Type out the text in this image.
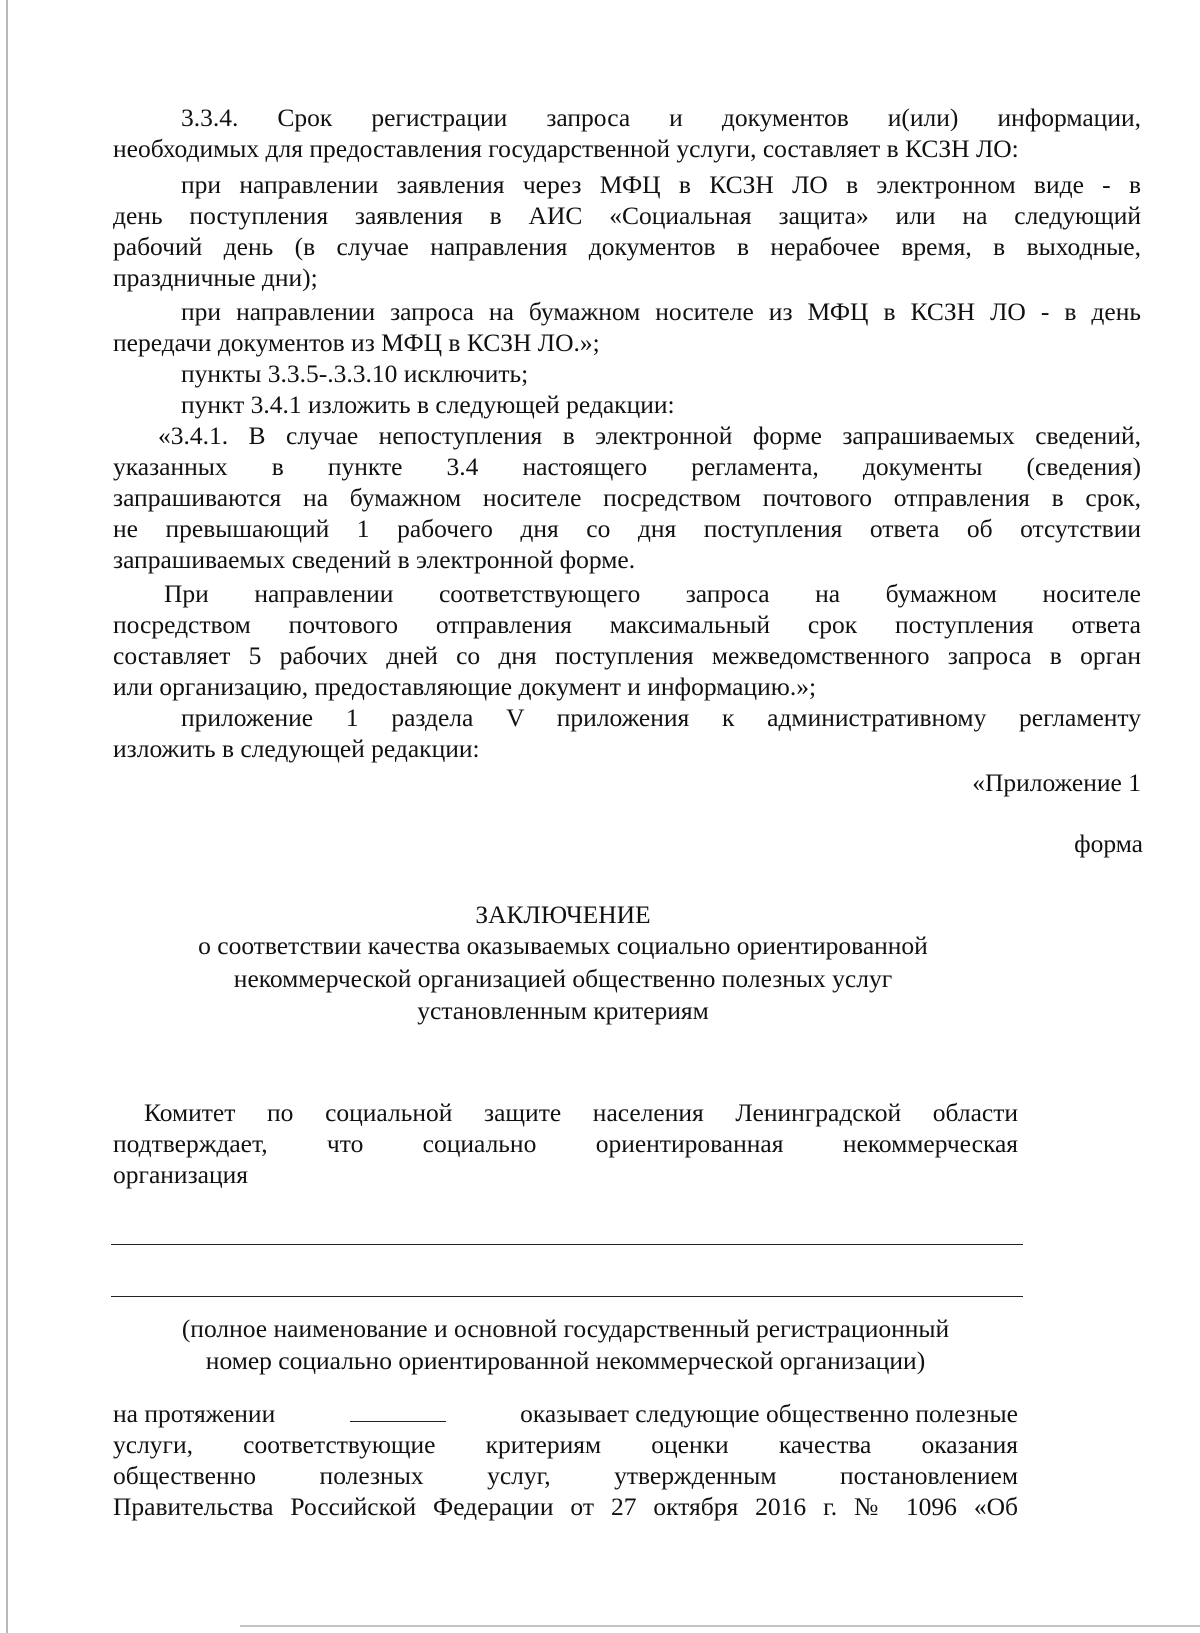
3.3.4. Срок регистрации запроса и документов и(или) информации,
необходимых для предоставления государственной услуги, составляет в КСЗН ЛО:
при направлении заявления через МФЦ в КСЗН ЛО в электронном виде - в
день поступления заявления в АИС «Социальная защита» или на следующий
рабочий день (в случае направления документов в нерабочее время, в выходные,
праздничные дни);
при направлении запроса на бумажном носителе из МФЦ в КСЗН ЛО - в день
передачи документов из МФЦ в КСЗН ЛО.»;
пункты 3.3.5-.3.3.10 исключить;
пункт 3.4.1 изложить в следующей редакции:
«3.4.1. В случае непоступления в электронной форме запрашиваемых сведений,
указанных в пункте 3.4 настоящего регламента, документы (сведения)
запрашиваются на бумажном носителе посредством почтового отправления в срок,
не превышающий 1 рабочего дня со дня поступления ответа об отсутствии
запрашиваемых сведений в электронной форме.
При направлении соответствующего запроса на бумажном носителе
посредством почтового отправления максимальный срок поступления ответа
составляет 5 рабочих дней со дня поступления межведомственного запроса в орган
или организацию, предоставляющие документ и информацию.»;
приложение 1 раздела V приложения к административному регламенту
изложить в следующей редакции:
«Приложение 1
форма
ЗАКЛЮЧЕНИЕ
о соответствии качества оказываемых социально ориентированной
некоммерческой организацией общественно полезных услуг
установленным критериям
Комитет по социальной защите населения Ленинградской области
подтверждает, что социально ориентированная некоммерческая
организация
(полное наименование и основной государственный регистрационный
номер социально ориентированной некоммерческой организации)
на протяжении	оказывает следующие общественно полезные
услуги, соответствующие критериям оценки качества оказания
общественно полезных услуг, утвержденным постановлением
Правительства Российской Федерации от 27 октября 2016 г. № 1096 «Об
